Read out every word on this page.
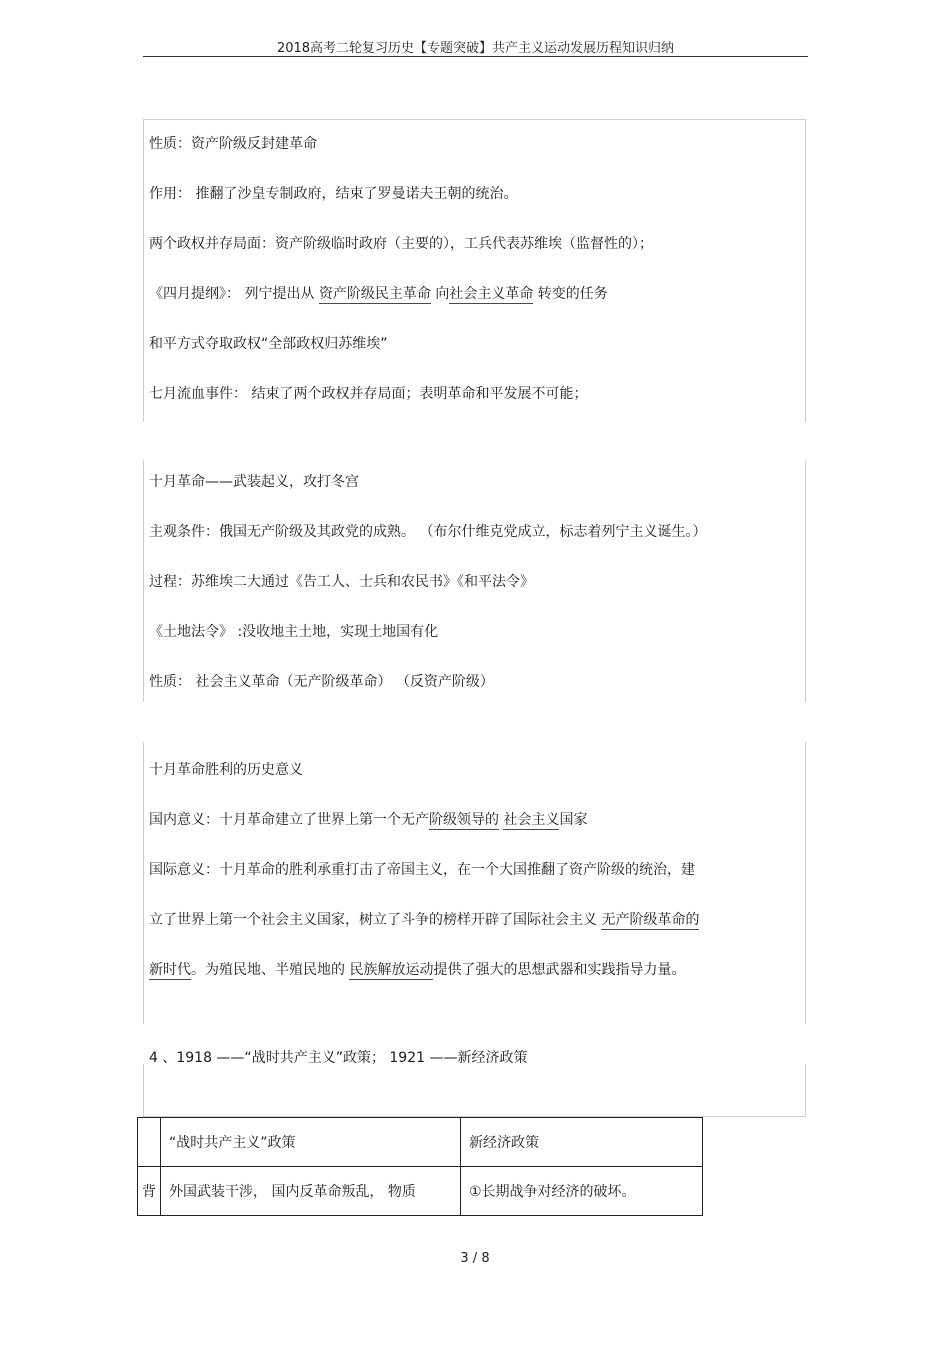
2018高考二轮复习历史【专题突破】共产主义运动发展历程知识归纳
性质：资产阶级反封建革命
作用： 推翻了沙皇专制政府，结束了罗曼诺夫王朝的统治。
两个政权并存局面：资产阶级临时政府（主要的），工兵代表苏维埃（监督性的）；
《四月提纲》： 列宁提出从 资产阶级民主革命 向社会主义革命 转变的任务
和平方式夺取政权“全部政权归苏维埃”
七月流血事件： 结束了两个政权并存局面；表明革命和平发展不可能；
十月革命——武装起义，攻打冬宫
主观条件：俄国无产阶级及其政党的成熟。 （布尔什维克党成立，标志着列宁主义诞生。）
过程：苏维埃二大通过《告工人、士兵和农民书》《和平法令》
《土地法令》 :没收地主土地，实现土地国有化
性质： 社会主义革命（无产阶级革命） （反资产阶级）
十月革命胜利的历史意义
国内意义：十月革命建立了世界上第一个无产阶级领导的 社会主义国家
国际意义：十月革命的胜利承重打击了帝国主义，在一个大国推翻了资产阶级的统治，建
立了世界上第一个社会主义国家，树立了斗争的榜样开辟了国际社会主义 无产阶级革命的
新时代。为殖民地、半殖民地的 民族解放运动提供了强大的思想武器和实践指导力量。
4 、1918 ——“战时共产主义”政策； 1921 ——新经济政策
	“战时共产主义”政策	新经济政策
背	外国武装干涉， 国内反革命叛乱， 物质	①长期战争对经济的破坏。
3 / 8
